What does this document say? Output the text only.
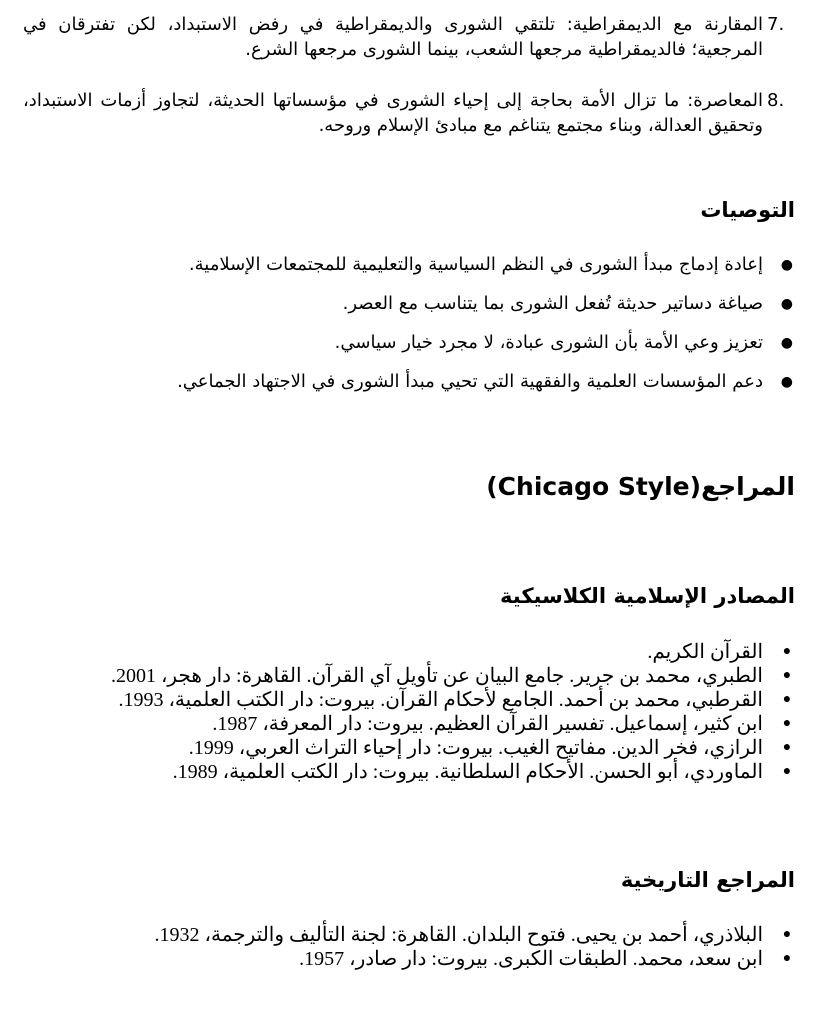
7.
المقارنة مع الديمقراطية: تلتقي الشورى والديمقراطية في رفض الاستبداد، لكن تفترقان في المرجعية؛ فالديمقراطية مرجعها الشعب، بينما الشورى مرجعها الشرع.
8.
المعاصرة: ما تزال الأمة بحاجة إلى إحياء الشورى في مؤسساتها الحديثة، لتجاوز أزمات الاستبداد، وتحقيق العدالة، وبناء مجتمع يتناغم مع مبادئ الإسلام وروحه.
التوصيات
●
إعادة إدماج مبدأ الشورى في النظم السياسية والتعليمية للمجتمعات الإسلامية.
●
صياغة دساتير حديثة تُفعل الشورى بما يتناسب مع العصر.
●
تعزيز وعي الأمة بأن الشورى عبادة، لا مجرد خيار سياسي.
●
دعم المؤسسات العلمية والفقهية التي تحيي مبدأ الشورى في الاجتهاد الجماعي.
المراجع(Chicago Style)
المصادر الإسلامية الكلاسيكية
●
القرآن الكريم.
●
الطبري، محمد بن جرير. جامع البيان عن تأويل آي القرآن. القاهرة: دار هجر، 2001.
●
القرطبي، محمد بن أحمد. الجامع لأحكام القرآن. بيروت: دار الكتب العلمية، 1993.
●
ابن كثير، إسماعيل. تفسير القرآن العظيم. بيروت: دار المعرفة، 1987.
●
الرازي، فخر الدين. مفاتيح الغيب. بيروت: دار إحياء التراث العربي، 1999.
●
الماوردي، أبو الحسن. الأحكام السلطانية. بيروت: دار الكتب العلمية، 1989.
المراجع التاريخية
●
البلاذري، أحمد بن يحيى. فتوح البلدان. القاهرة: لجنة التأليف والترجمة، 1932.
●
ابن سعد، محمد. الطبقات الكبرى. بيروت: دار صادر، 1957.
